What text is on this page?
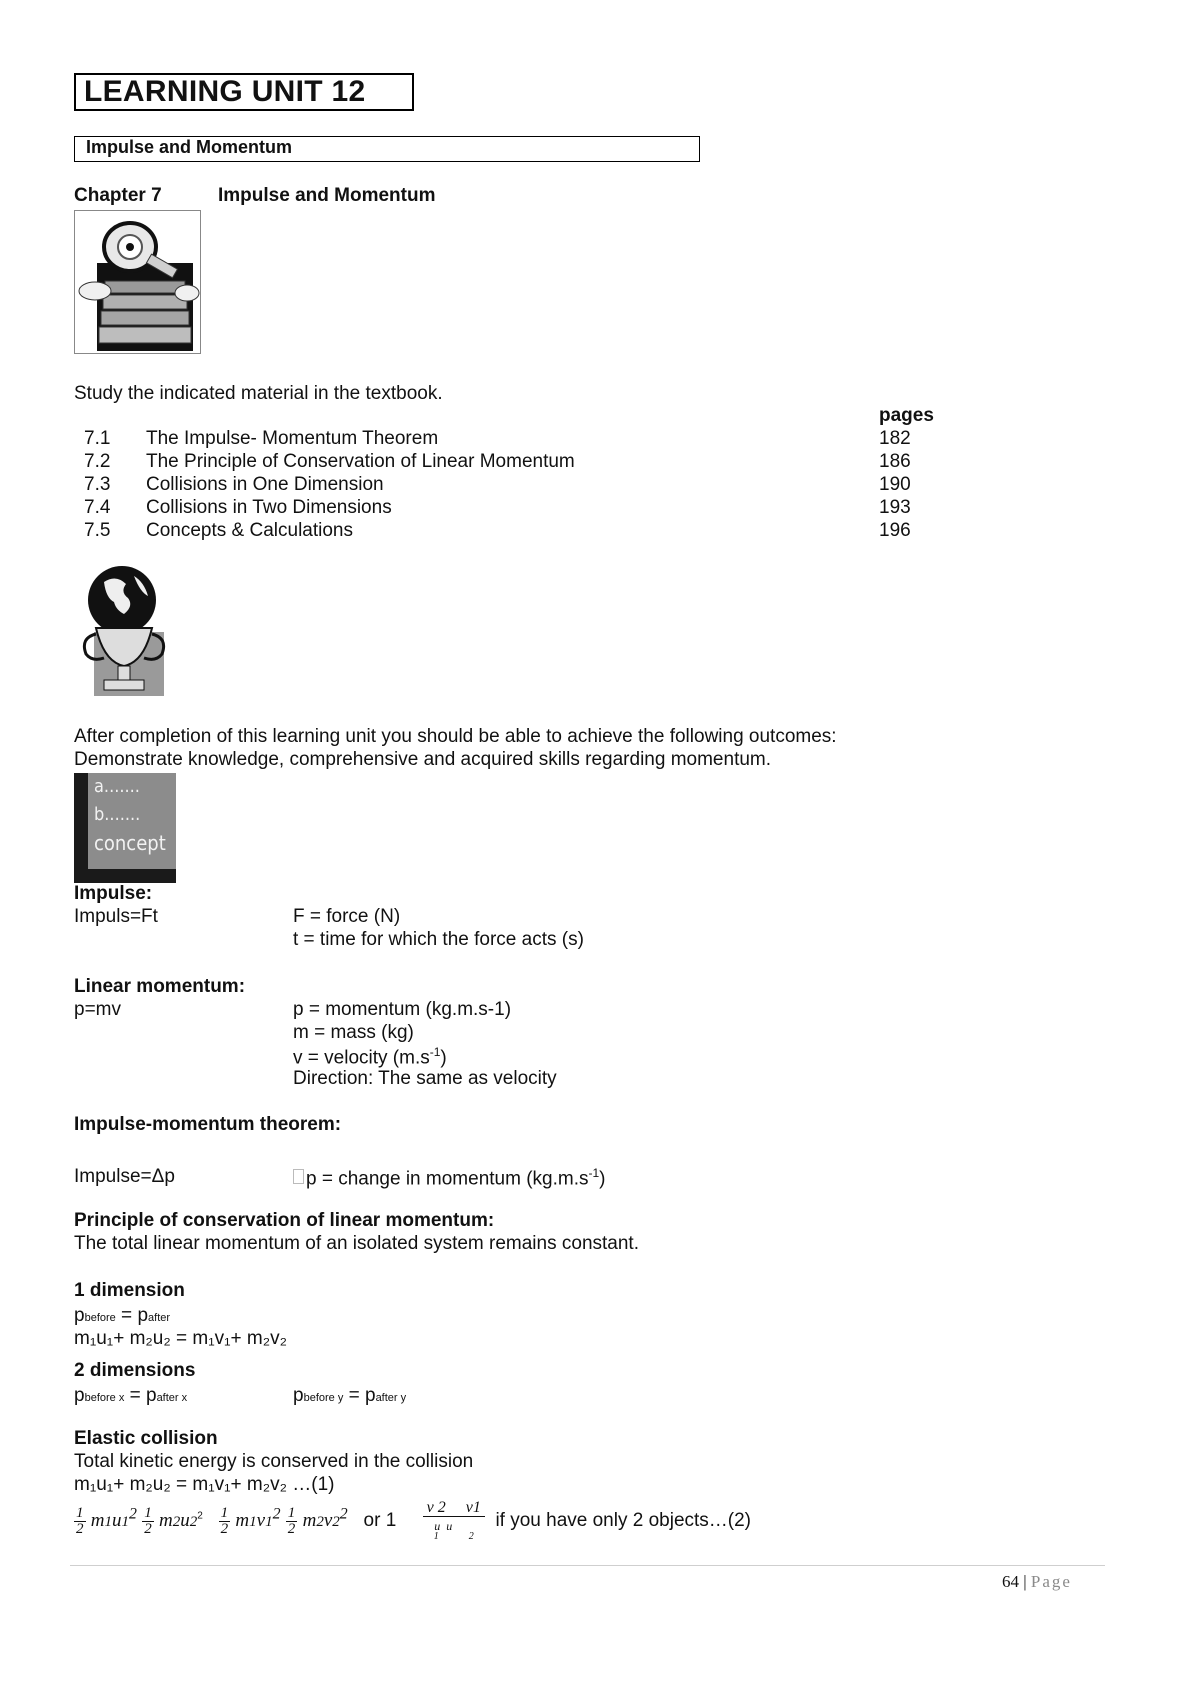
LEARNING UNIT 12
Impulse and Momentum
Chapter 7	Impulse and Momentum
Study the indicated material in the textbook.
pages
7.1 The Impulse- Momentum Theorem	182
7.2 The Principle of Conservation of Linear Momentum	186
7.3 Collisions in One Dimension	190
7.4 Collisions in Two Dimensions	193
7.5 Concepts & Calculations	196
After completion of this learning unit you should be able to achieve the following outcomes:
Demonstrate knowledge, comprehensive and acquired skills regarding momentum.
a.......
b.......
concept
Impulse:
Impuls=Ft	F = force (N)
t = time for which the force acts (s)
Linear momentum:
p=mv	p = momentum (kg.m.s-1)
m = mass (kg)
v = velocity $(m.s^{-1})$
Direction: The same as velocity
Impulse-momentum theorem:
Impulse=Δp	p = change in momentum $(kg.m.s^{-1})$
Principle of conservation of linear momentum:
The total linear momentum of an isolated system remains constant.
1 dimension
pbefore = pafter
m₁u₁+ m₂u₂ = m₁v₁+ m₂v₂
2 dimensions
pbefore x = pafter x	pbefore y = pafter y
Elastic collision
Total kinetic energy is conserved in the collision
m₁u₁+ m₂u₂ = m₁v₁+ m₂v₂ …(1)
$\frac{1}{2} m1u1^2 \frac{1}{2} m2u2^2 \frac{1}{2} m1v1^2 \frac{1}{2} m2v2^2$ or 1
v 2     v1
u  u
1            2
if you have only 2 objects…(2)
64 | Page
